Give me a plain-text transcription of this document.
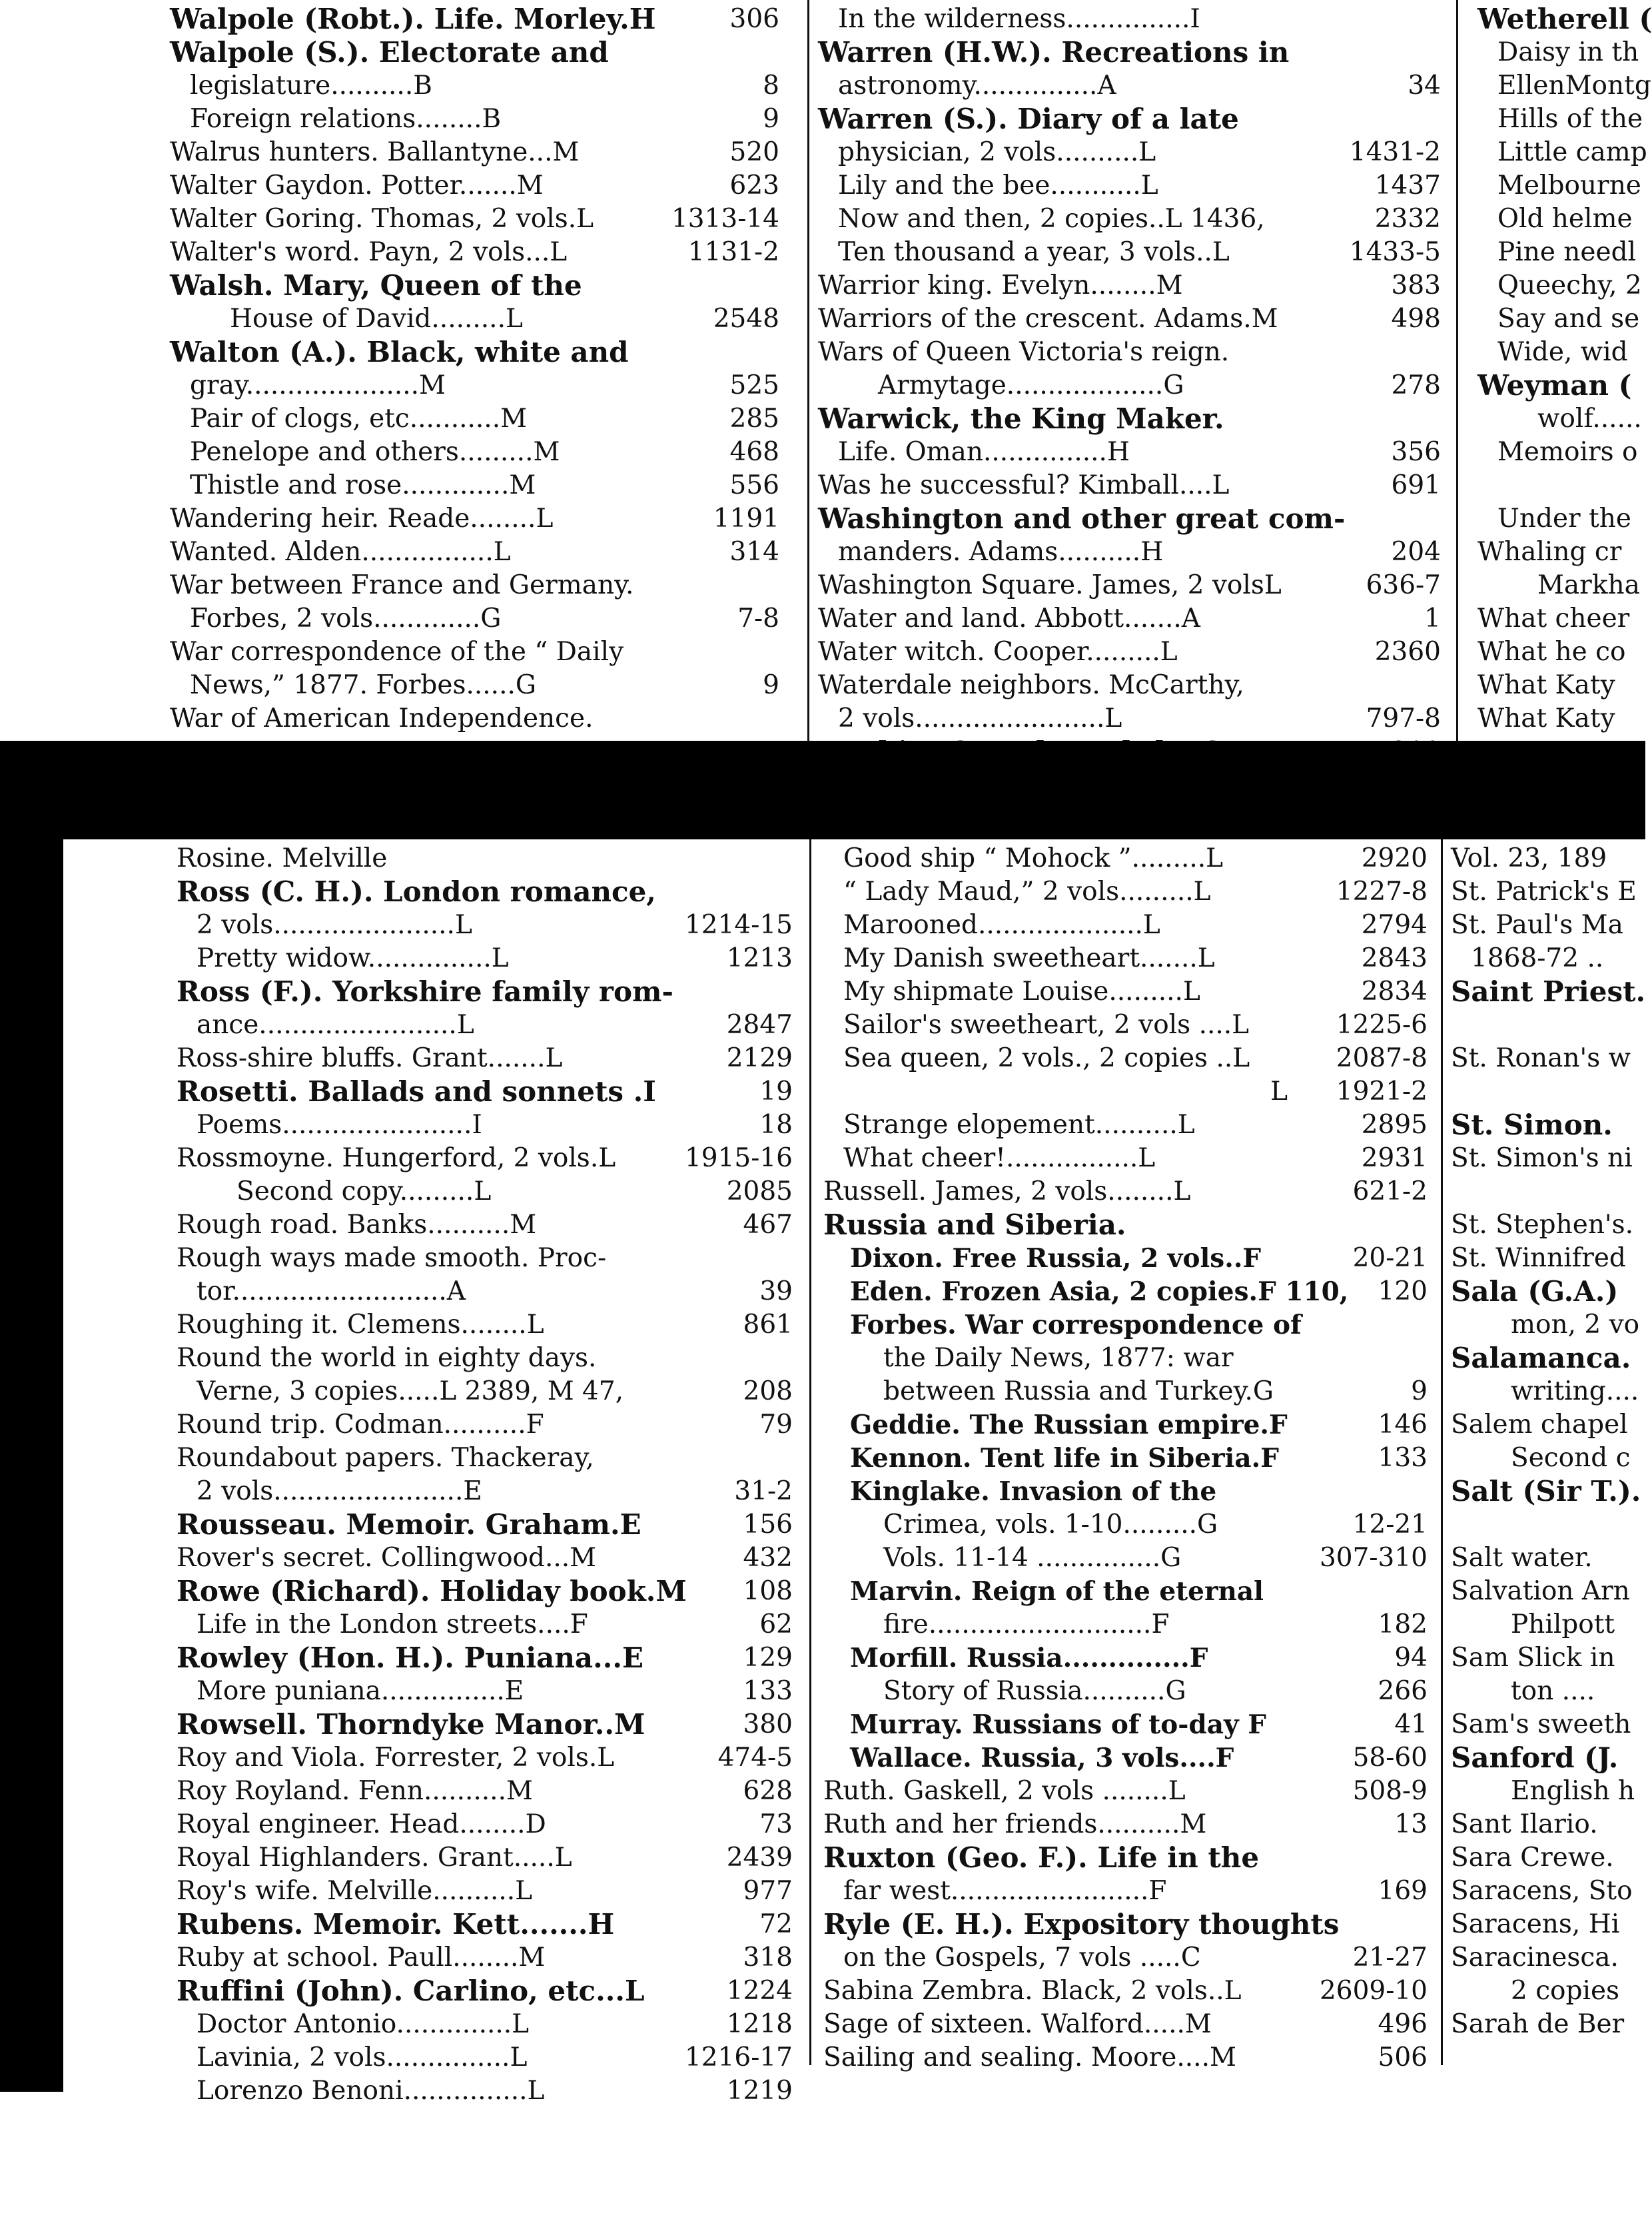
Walpole (Robt.). Life. Morley.H	306
Walpole (S.). Electorate and
legislature..........B	8
Foreign relations........B	9
Walrus hunters. Ballantyne...M	520
Walter Gaydon. Potter.......M	623
Walter Goring. Thomas, 2 vols.L	1313-14
Walter's word. Payn, 2 vols...L	1131-2
Walsh. Mary, Queen of the
House of David.........L	2548
Walton (A.). Black, white and
gray.....................M	525
Pair of clogs, etc...........M	285
Penelope and others.........M	468
Thistle and rose.............M	556
Wandering heir. Reade........L	1191
Wanted. Alden................L	314
War between France and Germany.
Forbes, 2 vols.............G	7-8
War correspondence of the “ Daily
News,” 1877. Forbes......G	9
War of American Independence.
In the wilderness...............I
Warren (H.W.). Recreations in
astronomy...............A	34
Warren (S.). Diary of a late
physician, 2 vols..........L	1431-2
Lily and the bee...........L	1437
Now and then, 2 copies..L 1436,	2332
Ten thousand a year, 3 vols..L	1433-5
Warrior king. Evelyn........M	383
Warriors of the crescent. Adams.M	498
Wars of Queen Victoria's reign.
Armytage...................G	278
Warwick, the King Maker.
Life. Oman...............H	356
Was he successful? Kimball....L	691
Washington and other great com-
manders. Adams..........H	204
Washington Square. James, 2 volsL	636-7
Water and land. Abbott.......A	1
Water witch. Cooper.........L	2360
Waterdale neighbors. McCarthy,
2 vols.......................L	797-8
Wetherell (
Daisy in th
EllenMontg
Hills of the
Little camp
Melbourne
Old helme
Pine needl
Queechy, 2
Say and se
Wide, wid
Weyman (
wolf......
Memoirs o
Under the
Whaling cr
Markha
What cheer
What he co
What Katy
What Katy
Rosine. Melville
Ross (C. H.). London romance,
2 vols......................L	1214-15
Pretty widow...............L	1213
Ross (F.). Yorkshire family rom-
ance........................L	2847
Ross-shire bluffs. Grant.......L	2129
Rosetti. Ballads and sonnets .I	19
Poems.......................I	18
Rossmoyne. Hungerford, 2 vols.L	1915-16
Second copy.........L	2085
Rough road. Banks..........M	467
Rough ways made smooth. Proc-
tor..........................A	39
Roughing it. Clemens........L	861
Round the world in eighty days.
Verne, 3 copies.....L 2389, M 47,	208
Round trip. Codman..........F	79
Roundabout papers. Thackeray,
2 vols.......................E	31-2
Rousseau. Memoir. Graham.E	156
Rover's secret. Collingwood...M	432
Rowe (Richard). Holiday book.M 108
Life in the London streets....F	62
Rowley (Hon. H.). Puniana...E	129
More puniana...............E	133
Rowsell. Thorndyke Manor..M	380
Roy and Viola. Forrester, 2 vols.L	474-5
Roy Royland. Fenn..........M	628
Royal engineer. Head........D	73
Royal Highlanders. Grant.....L	2439
Roy's wife. Melville..........L	977
Rubens. Memoir. Kett.......H	72
Ruby at school. Paull........M	318
Ruffini (John). Carlino, etc...L	1224
Doctor Antonio..............L	1218
Lavinia, 2 vols...............L	1216-17
Lorenzo Benoni...............L	1219
Good ship “ Mohock ”.........L	2920
“ Lady Maud,” 2 vols.........L	1227-8
Marooned....................L	2794
My Danish sweetheart.......L	2843
My shipmate Louise.........L	2834
Sailor's sweetheart, 2 vols ....L	1225-6
Sea queen, 2 vols., 2 copies ..L	2087-8
L 1921-2
Strange elopement..........L	2895
What cheer!................L	2931
Russell. James, 2 vols........L	621-2
Russia and Siberia.
Dixon. Free Russia, 2 vols..F	20-21
Eden. Frozen Asia, 2 copies.F 110, 120
Forbes. War correspondence of
the Daily News, 1877: war
between Russia and Turkey.G	9
Geddie. The Russian empire.F	146
Kennon. Tent life in Siberia.F	133
Kinglake. Invasion of the
Crimea, vols. 1-10.........G	12-21
Vols. 11-14 ...............G	307-310
Marvin. Reign of the eternal
fire...........................F	182
Morfill. Russia..............F	94
Story of Russia..........G	266
Murray. Russians of to-day F	41
Wallace. Russia, 3 vols....F	58-60
Ruth. Gaskell, 2 vols ........L	508-9
Ruth and her friends..........M	13
Ruxton (Geo. F.). Life in the
far west........................F	169
Ryle (E. H.). Expository thoughts
on the Gospels, 7 vols .....C	21-27
Sabina Zembra. Black, 2 vols..L	2609-10
Sage of sixteen. Walford.....M	496
Sailing and sealing. Moore....M	506
Vol. 23, 189
St. Patrick's E
St. Paul's Ma
1868-72 ..
Saint Priest.
St. Ronan's w
St. Simon.
St. Simon's ni
St. Stephen's.
St. Winnifred
Sala (G.A.)
mon, 2 vo
Salamanca.
writing....
Salem chapel
Second c
Salt (Sir T.).
Salt water.
Salvation Arn
Philpott
Sam Slick in
ton ....
Sam's sweeth
Sanford (J.
English h
Sant Ilario.
Sara Crewe.
Saracens, Sto
Saracens, Hi
Saracinesca.
2 copies
Sarah de Ber
